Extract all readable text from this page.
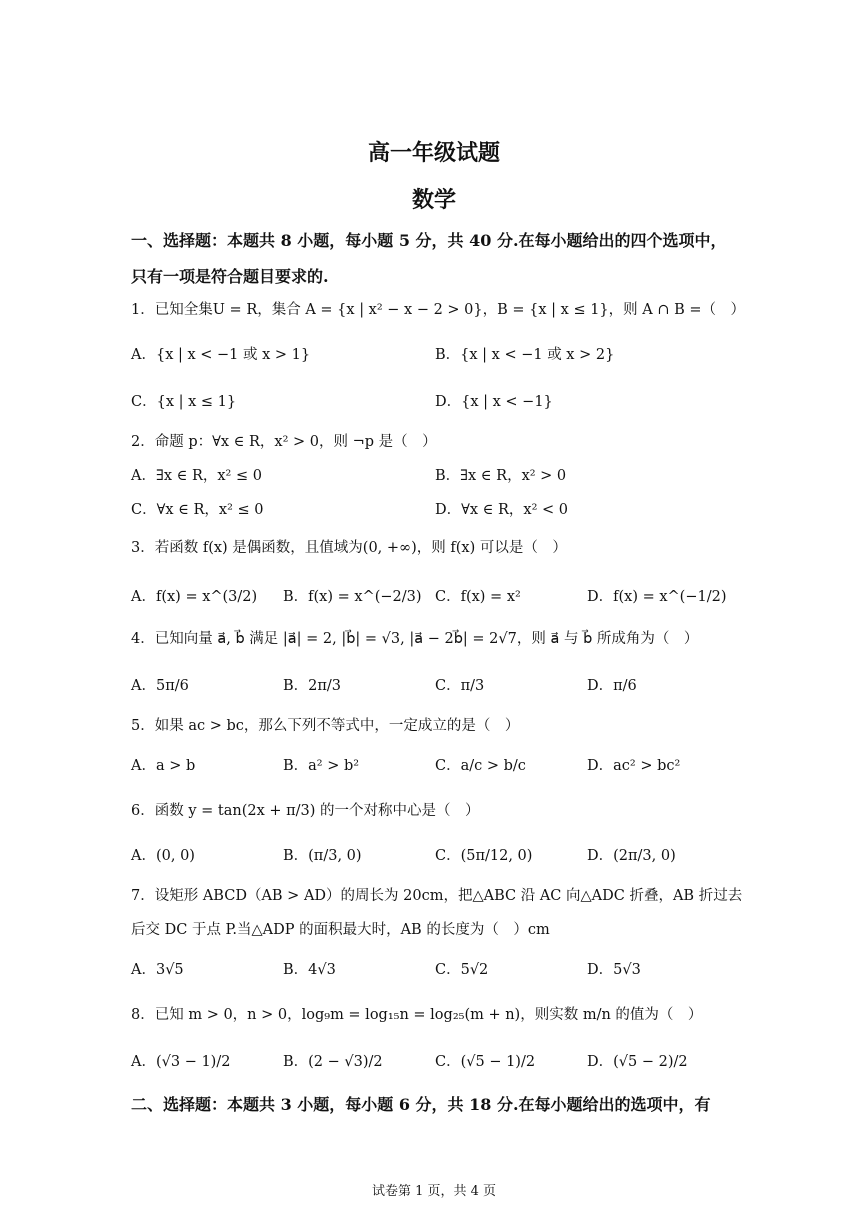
高一年级试题
数学
一、选择题：本题共 8 小题，每小题 5 分，共 40 分.在每小题给出的四个选项中，
只有一项是符合题目要求的.
1．已知全集U = R，集合 A = {x | x² − x − 2 > 0}，B = {x | x ≤ 1}，则 A ∩ B =（　）
A．{x | x < −1 或 x > 1}	B．{x | x < −1 或 x > 2}
C．{x | x ≤ 1}	D．{x | x < −1}
2．命题 p：∀x ∈ R，x² > 0，则 ¬p 是（　）
A．∃x ∈ R，x² ≤ 0	B．∃x ∈ R，x² > 0
C．∀x ∈ R，x² ≤ 0	D．∀x ∈ R，x² < 0
3．若函数 f(x) 是偶函数，且值域为(0, +∞)，则 f(x) 可以是（　）
A．f(x) = x^(3/2) B．f(x) = x^(−2/3) C．f(x) = x²	D．f(x) = x^(−1/2)
4．已知向量 a⃗, b⃗ 满足 |a⃗| = 2, |b⃗| = √3, |a⃗ − 2b⃗| = 2√7，则 a⃗ 与 b⃗ 所成角为（　）
A．5π/6	B．2π/3	C．π/3	D．π/6
5．如果 ac > bc，那么下列不等式中，一定成立的是（　）
A．a > b	B．a² > b²	C．a/c > b/c	D．ac² > bc²
6．函数 y = tan(2x + π/3) 的一个对称中心是（　）
A．(0, 0)	B．(π/3, 0)	C．(5π/12, 0)	D．(2π/3, 0)
7．设矩形 ABCD（AB > AD）的周长为 20cm，把△ABC 沿 AC 向△ADC 折叠，AB 折过去
后交 DC 于点 P.当△ADP 的面积最大时，AB 的长度为（　）cm
A．3√5	B．4√3	C．5√2	D．5√3
8．已知 m > 0，n > 0，log₉m = log₁₅n = log₂₅(m + n)，则实数 m/n 的值为（　）
A．(√3 − 1)/2	B．(2 − √3)/2	C．(√5 − 1)/2	D．(√5 − 2)/2
二、选择题：本题共 3 小题，每小题 6 分，共 18 分.在每小题给出的选项中，有
试卷第 1 页，共 4 页
